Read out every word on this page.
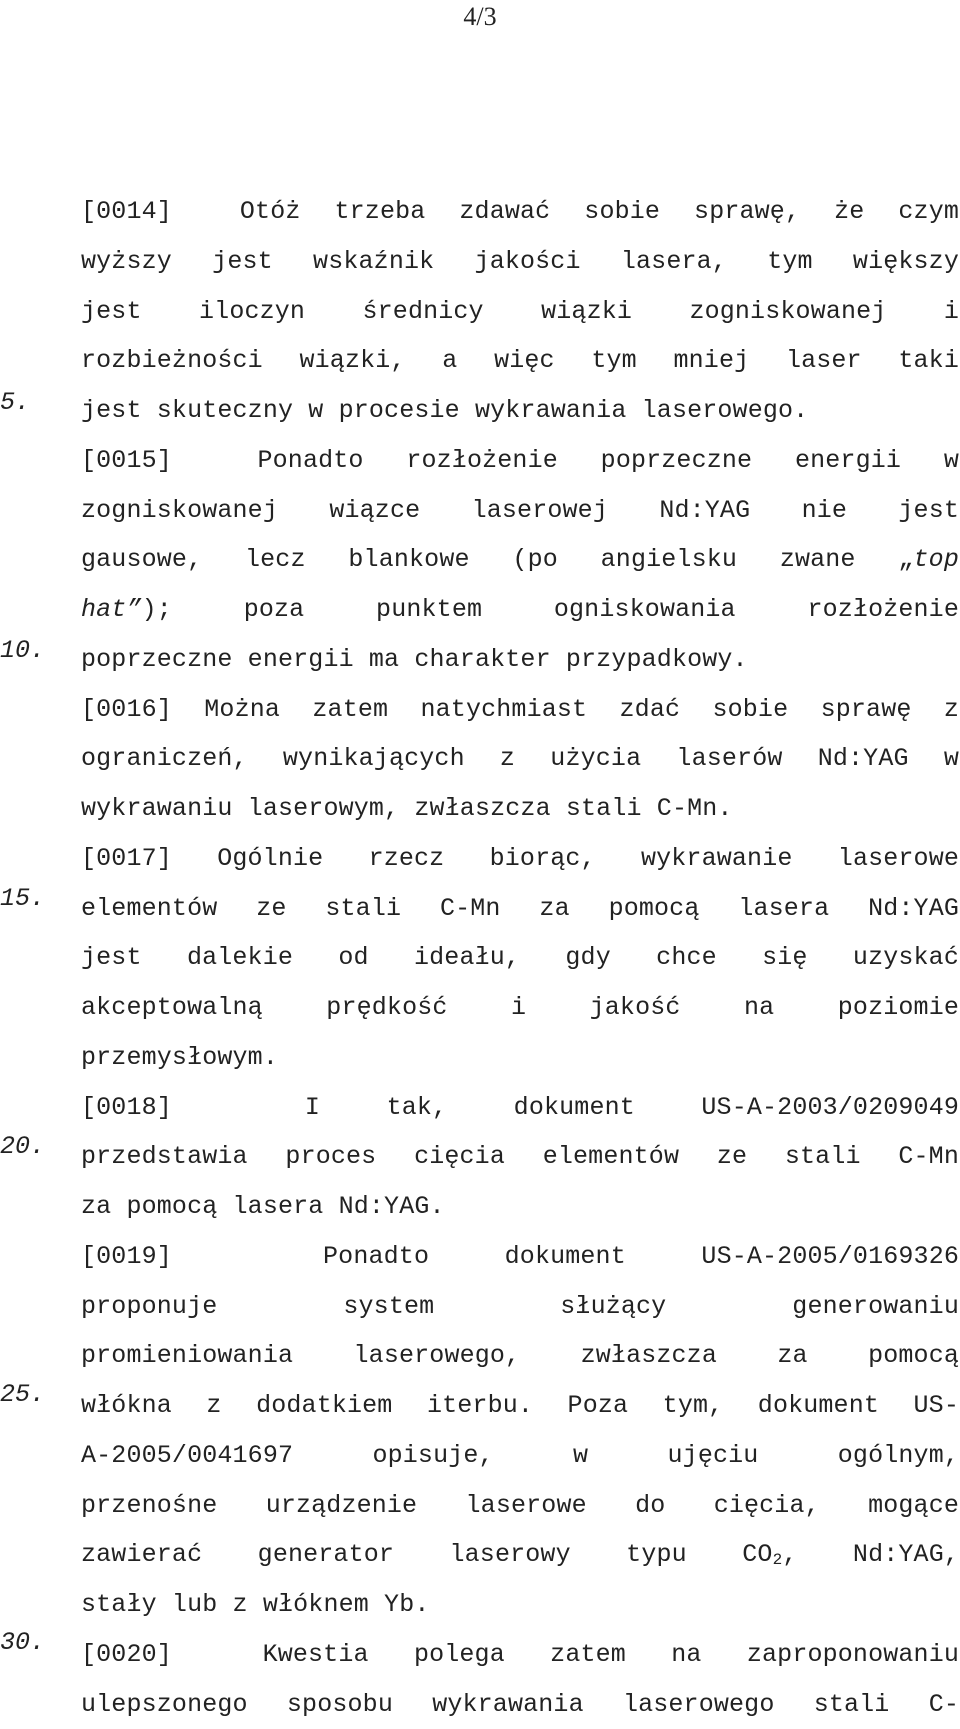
4/3
5.
10.
15.
20.
25.
30.
[0014]	Otóż trzeba zdawać sobie sprawę, że czym
wyższy jest wskaźnik jakości lasera, tym większy
jest iloczyn średnicy wiązki zogniskowanej i
rozbieżności wiązki, a więc tym mniej laser taki
jest skuteczny w procesie wykrawania laserowego.
[0015]	Ponadto rozłożenie poprzeczne energii w
zogniskowanej wiązce laserowej Nd:YAG nie jest
gausowe, lecz blankowe (po angielsku zwane „top
hat”); poza punktem ogniskowania rozłożenie
poprzeczne energii ma charakter przypadkowy.
[0016] Można zatem natychmiast zdać sobie sprawę z
ograniczeń, wynikających z użycia laserów Nd:YAG w
wykrawaniu laserowym, zwłaszcza stali C-Mn.
[0017] Ogólnie rzecz biorąc, wykrawanie laserowe
elementów ze stali C-Mn za pomocą lasera Nd:YAG
jest dalekie od ideału, gdy chce się uzyskać
akceptowalną prędkość i jakość na poziomie
przemysłowym.
[0018]	I tak, dokument US-A-2003/0209049
przedstawia proces cięcia elementów ze stali C-Mn
za pomocą lasera Nd:YAG.
[0019]	Ponadto dokument US-A-2005/0169326
proponuje system służący generowaniu
promieniowania laserowego, zwłaszcza za pomocą
włókna z dodatkiem iterbu. Poza tym, dokument US-
A-2005/0041697 opisuje, w ujęciu ogólnym,
przenośne urządzenie laserowe do cięcia, mogące
zawierać generator laserowy typu $CO_2$, Nd:YAG,
stały lub z włóknem Yb.
[0020]	Kwestia polega zatem na zaproponowaniu
ulepszonego sposobu wykrawania laserowego stali C-
